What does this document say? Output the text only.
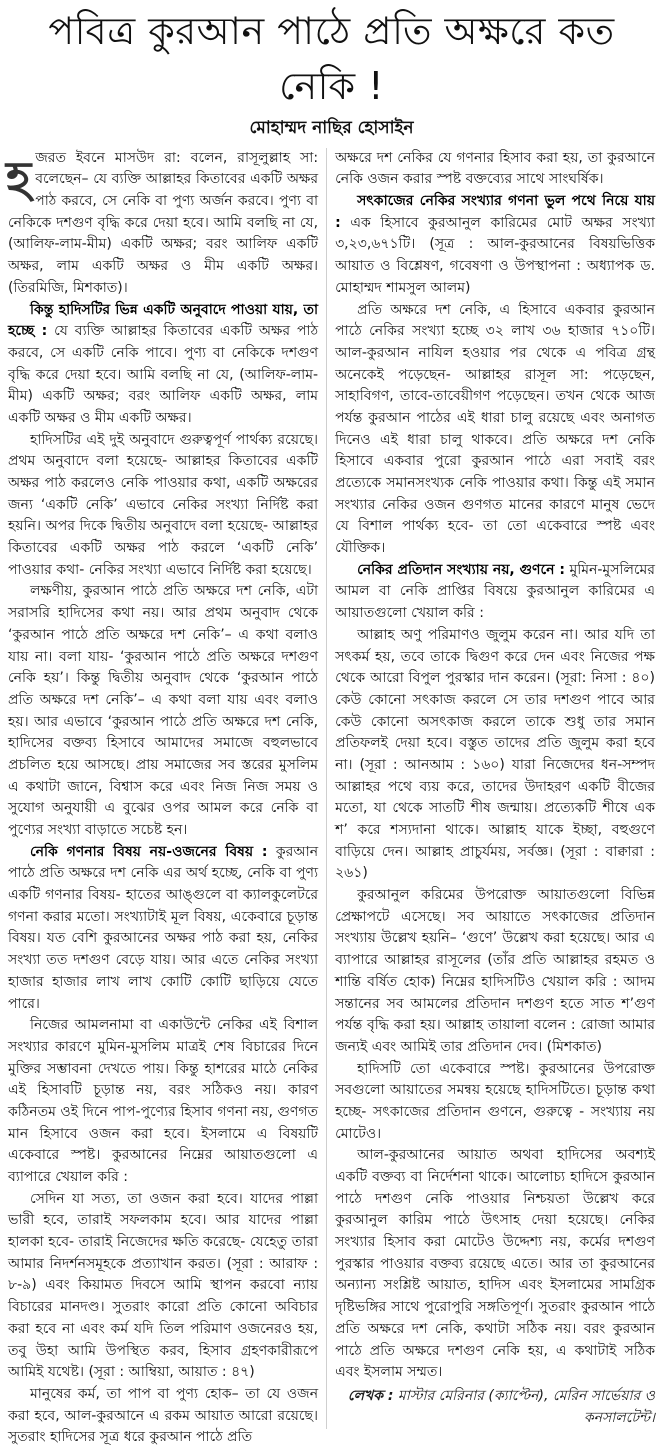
পবিত্র কুরআন পাঠে প্রতি অক্ষরে কত নেকি !
মোহাম্মদ নাছির হোসাইন

হজরত ইবনে মাসউদ রা: বলেন, রাসূলুল্লাহ সা: বলেছেন– যে ব্যক্তি আল্লাহর কিতাবের একটি অক্ষর পাঠ করবে, সে নেকি বা পুণ্য অর্জন করবে। পুণ্য বা নেকিকে দশগুণ বৃদ্ধি করে দেয়া হবে। আমি বলছি না যে, (আলিফ-লাম-মীম) একটি অক্ষর; বরং আলিফ একটি অক্ষর, লাম একটি অক্ষর ও মীম একটি অক্ষর। (তিরমিজি, মিশকাত)।

কিন্তু হাদিসটির ভিন্ন একটি অনুবাদে পাওয়া যায়, তা হচ্ছে : যে ব্যক্তি আল্লাহর কিতাবের একটি অক্ষর পাঠ করবে, সে একটি নেকি পাবে। পুণ্য বা নেকিকে দশগুণ বৃদ্ধি করে দেয়া হবে। আমি বলছি না যে, (আলিফ-লাম-মীম) একটি অক্ষর; বরং আলিফ একটি অক্ষর, লাম একটি অক্ষর ও মীম একটি অক্ষর।

হাদিসটির এই দুই অনুবাদে গুরুত্বপূর্ণ পার্থক্য রয়েছে। প্রথম অনুবাদে বলা হয়েছে- আল্লাহর কিতাবের একটি অক্ষর পাঠ করলেও নেকি পাওয়ার কথা, একটি অক্ষরের জন্য ‘একটি নেকি’ এভাবে নেকির সংখ্যা নির্দিষ্ট করা হয়নি। অপর দিকে দ্বিতীয় অনুবাদে বলা হয়েছে- আল্লাহর কিতাবের একটি অক্ষর পাঠ করলে ‘একটি নেকি’ পাওয়ার কথা- নেকির সংখ্যা এভাবে নির্দিষ্ট করা হয়েছে।

লক্ষণীয়, কুরআন পাঠে প্রতি অক্ষরে দশ নেকি, এটা সরাসরি হাদিসের কথা নয়। আর প্রথম অনুবাদ থেকে ‘কুরআন পাঠে প্রতি অক্ষরে দশ নেকি’– এ কথা বলাও যায় না। বলা যায়- ‘কুরআন পাঠে প্রতি অক্ষরে দশগুণ নেকি হয়’। কিন্তু দ্বিতীয় অনুবাদ থেকে ‘কুরআন পাঠে প্রতি অক্ষরে দশ নেকি’– এ কথা বলা যায় এবং বলাও হয়। আর এভাবে ‘কুরআন পাঠে প্রতি অক্ষরে দশ নেকি, হাদিসের বক্তব্য হিসাবে আমাদের সমাজে বহুলভাবে প্রচলিত হয়ে আসছে। প্রায় সমাজের সব স্তরের মুসলিম এ কথাটা জানে, বিশ্বাস করে এবং নিজ নিজ সময় ও সুযোগ অনুযায়ী এ বুঝের ওপর আমল করে নেকি বা পুণ্যের সংখ্যা বাড়াতে সচেষ্ট হন।

নেকি গণনার বিষয় নয়-ওজনের বিষয় : কুরআন পাঠে প্রতি অক্ষরে দশ নেকি এর অর্থ হচ্ছে, নেকি বা পুণ্য একটি গণনার বিষয়- হাতের আঙ্গুলে বা ক্যালকুলেটরে গণনা করার মতো। সংখ্যাটাই মূল বিষয়, একেবারে চূড়ান্ত বিষয়। যত বেশি কুরআনের অক্ষর পাঠ করা হয়, নেকির সংখ্যা তত দশগুণ বেড়ে যায়। আর এতে নেকির সংখ্যা হাজার হাজার লাখ লাখ কোটি কোটি ছাড়িয়ে যেতে পারে।

নিজের আমলনামা বা একাউন্টে নেকির এই বিশাল সংখ্যার কারণে মুমিন-মুসলিম মাত্রই শেষ বিচারের দিনে মুক্তির সম্ভাবনা দেখতে পায়। কিন্তু হাশরের মাঠে নেকির এই হিসাবটি চূড়ান্ত নয়, বরং সঠিকও নয়। কারণ কঠিনতম ওই দিনে পাপ-পুণ্যের হিসাব গণনা নয়, গুণগত মান হিসাবে ওজন করা হবে। ইসলামে এ বিষয়টি একেবারে স্পষ্ট। কুরআনের নিম্নের আয়াতগুলো এ ব্যাপারে খেয়াল করি :

সেদিন যা সত্য, তা ওজন করা হবে। যাদের পাল্লা ভারী হবে, তারাই সফলকাম হবে। আর যাদের পাল্লা হালকা হবে- তারাই নিজেদের ক্ষতি করেছে- যেহেতু তারা আমার নিদর্শনসমূহকে প্রত্যাখান করত। (সূরা : আরাফ : ৮-৯) এবং কিয়ামত দিবসে আমি স্থাপন করবো ন্যায় বিচারের মানদণ্ড। সুতরাং কারো প্রতি কোনো অবিচার করা হবে না এবং কর্ম যদি তিল পরিমাণ ওজনেরও হয়, তবু উহা আমি উপস্থিত করব, হিসাব গ্রহণকারীরূপে আমিই যথেষ্ট। (সূরা : আম্বিয়া, আয়াত : ৪৭)

মানুষের কর্ম, তা পাপ বা পুণ্য হোক– তা যে ওজন করা হবে, আল-কুরআনে এ রকম আয়াত আরো রয়েছে। সুতরাং হাদিসের সূত্র ধরে কুরআন পাঠে প্রতি

অক্ষরে দশ নেকির যে গণনার হিসাব করা হয়, তা কুরআনে নেকি ওজন করার স্পষ্ট বক্তব্যের সাথে সাংঘর্ষিক।

সৎকাজের নেকির সংখ্যার গণনা ভুল পথে নিয়ে যায় : এক হিসাবে কুরআনুল কারিমের মোট অক্ষর সংখ্যা ৩,২৩,৬৭১টি। (সূত্র : আল-কুরআনের বিষয়ভিত্তিক আয়াত ও বিশ্লেষণ, গবেষণা ও উপস্থাপনা : অধ্যাপক ড. মোহাম্মদ শামসুল আলম)

প্রতি অক্ষরে দশ নেকি, এ হিসাবে একবার কুরআন পাঠে নেকির সংখ্যা হচ্ছে ৩২ লাখ ৩৬ হাজার ৭১০টি। আল-কুরআন নাযিল হওয়ার পর থেকে এ পবিত্র গ্রন্থ অনেকেই পড়েছেন- আল্লাহর রাসূল সা: পড়েছেন, সাহাবিগণ, তাবে-তাবেয়ীগণ পড়েছেন। তখন থেকে আজ পর্যন্ত কুরআন পাঠের এই ধারা চালু রয়েছে এবং অনাগত দিনেও এই ধারা চালু থাকবে। প্রতি অক্ষরে দশ নেকি হিসাবে একবার পুরো কুরআন পাঠে এরা সবাই বরং প্রত্যেকে সমানসংখ্যক নেকি পাওয়ার কথা। কিন্তু এই সমান সংখ্যার নেকির ওজন গুণগত মানের কারণে মানুষ ভেদে যে বিশাল পার্থক্য হবে- তা তো একেবারে স্পষ্ট এবং যৌক্তিক।

নেকির প্রতিদান সংখ্যায় নয়, গুণনে : মুমিন-মুসলিমের আমল বা নেকি প্রাপ্তির বিষয়ে কুরআনুল কারিমের এ আয়াতগুলো খেয়াল করি :

আল্লাহ অণু পরিমাণও জুলুম করেন না। আর যদি তা সৎকর্ম হয়, তবে তাকে দ্বিগুণ করে দেন এবং নিজের পক্ষ থেকে আরো বিপুল পুরস্কার দান করেন। (সূরা: নিসা : ৪০) কেউ কোনো সৎকাজ করলে সে তার দশগুণ পাবে আর কেউ কোনো অসৎকাজ করলে তাকে শুধু তার সমান প্রতিফলই দেয়া হবে। বস্তুত তাদের প্রতি জুলুম করা হবে না। (সূরা : আনআম : ১৬০) যারা নিজেদের ধন-সম্পদ আল্লাহর পথে ব্যয় করে, তাদের উদাহরণ একটি বীজের মতো, যা থেকে সাতটি শীষ জন্মায়। প্রত্যেকটি শীষে এক শ’ করে শস্যদানা থাকে। আল্লাহ যাকে ইচ্ছা, বহুগুণে বাড়িয়ে দেন। আল্লাহ প্রাচুর্যময়, সর্বজ্ঞ। (সূরা : বাক্বারা : ২৬১)

কুরআনুল করিমের উপরোক্ত আয়াতগুলো বিভিন্ন প্রেক্ষাপটে এসেছে। সব আয়াতে সৎকাজের প্রতিদান সংখ্যায় উল্লেখ হয়নি– ‘গুণে’ উল্লেখ করা হয়েছে। আর এ ব্যাপারে আল্লাহর রাসূলের (তাঁর প্রতি আল্লাহর রহমত ও শান্তি বর্ষিত হোক) নিম্নের হাদিসটিও খেয়াল করি : আদম সন্তানের সব আমলের প্রতিদান দশগুণ হতে সাত শ’গুণ পর্যন্ত বৃদ্ধি করা হয়। আল্লাহ তায়ালা বলেন : রোজা আমার জন্যই এবং আমিই তার প্রতিদান দেব। (মিশকাত)

হাদিসটি তো একেবারে স্পষ্ট। কুরআনের উপরোক্ত সবগুলো আয়াতের সমন্বয় হয়েছে হাদিসটিতে। চূড়ান্ত কথা হচ্ছে- সৎকাজের প্রতিদান গুণনে, গুরুত্বে - সংখ্যায় নয় মোটেও।

আল-কুরআনের আয়াত অথবা হাদিসের অবশ্যই একটি বক্তব্য বা নির্দেশনা থাকে। আলোচ্য হাদিসে কুরআন পাঠে দশগুণ নেকি পাওয়ার নিশ্চয়তা উল্লেখ করে কুরআনুল কারিম পাঠে উৎসাহ দেয়া হয়েছে। নেকির সংখ্যার হিসাব করা মোটেও উদ্দেশ্য নয়, কর্মের দশগুণ পুরস্কার পাওয়ার বক্তব্য রয়েছে এতে। আর তা কুরআনের অন্যান্য সংশ্লিষ্ট আয়াত, হাদিস এবং ইসলামের সামগ্রিক দৃষ্টিভঙ্গির সাথে পুরোপুরি সঙ্গতিপূর্ণ। সুতরাং কুরআন পাঠে প্রতি অক্ষরে দশ নেকি, কথাটা সঠিক নয়। বরং কুরআন পাঠে প্রতি অক্ষরে দশগুণ নেকি হয়, এ কথাটাই সঠিক এবং ইসলাম সম্মত।

লেখক : মাস্টার মেরিনার (ক্যাপ্টেন), মেরিন সার্ভেয়ার ও কনসালটেন্ট।
